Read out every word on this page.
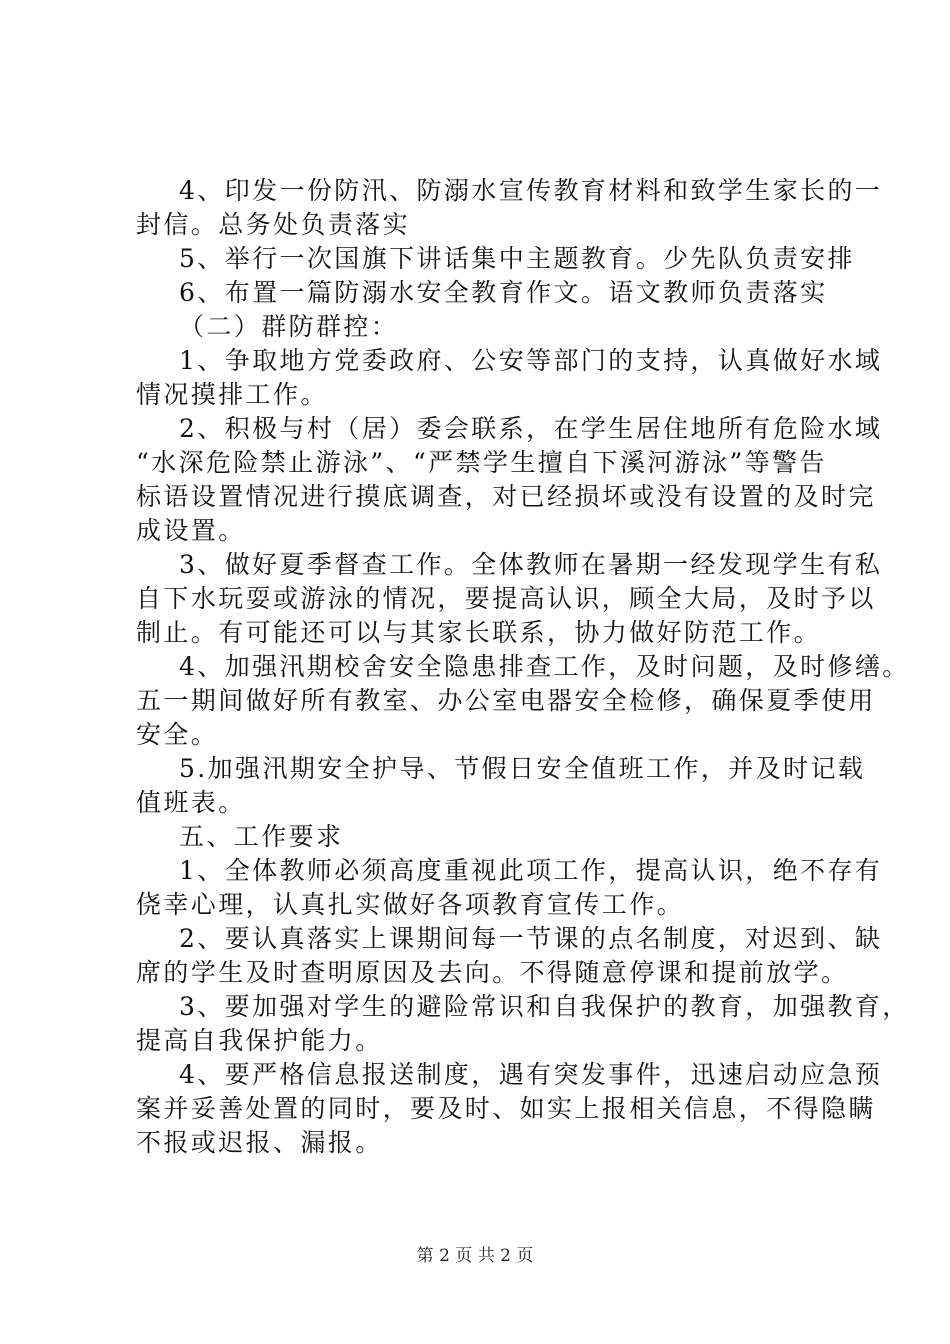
4、印发一份防汛、防溺水宣传教育材料和致学生家长的一
封信。总务处负责落实
5、举行一次国旗下讲话集中主题教育。少先队负责安排
6、布置一篇防溺水安全教育作文。语文教师负责落实
（二）群防群控：
1、争取地方党委政府、公安等部门的支持，认真做好水域
情况摸排工作。
2、积极与村（居）委会联系，在学生居住地所有危险水域
“水深危险禁止游泳”、“严禁学生擅自下溪河游泳”等警告
标语设置情况进行摸底调查，对已经损坏或没有设置的及时完
成设置。
3、做好夏季督查工作。全体教师在暑期一经发现学生有私
自下水玩耍或游泳的情况，要提高认识，顾全大局，及时予以
制止。有可能还可以与其家长联系，协力做好防范工作。
4、加强汛期校舍安全隐患排查工作，及时问题，及时修缮。
五一期间做好所有教室、办公室电器安全检修，确保夏季使用
安全。
5.加强汛期安全护导、节假日安全值班工作，并及时记载
值班表。
五、工作要求
1、全体教师必须高度重视此项工作，提高认识，绝不存有
侥幸心理，认真扎实做好各项教育宣传工作。
2、要认真落实上课期间每一节课的点名制度，对迟到、缺
席的学生及时查明原因及去向。不得随意停课和提前放学。
3、要加强对学生的避险常识和自我保护的教育，加强教育，
提高自我保护能力。
4、要严格信息报送制度，遇有突发事件，迅速启动应急预
案并妥善处置的同时，要及时、如实上报相关信息，不得隐瞒
不报或迟报、漏报。
第 2 页 共 2 页
